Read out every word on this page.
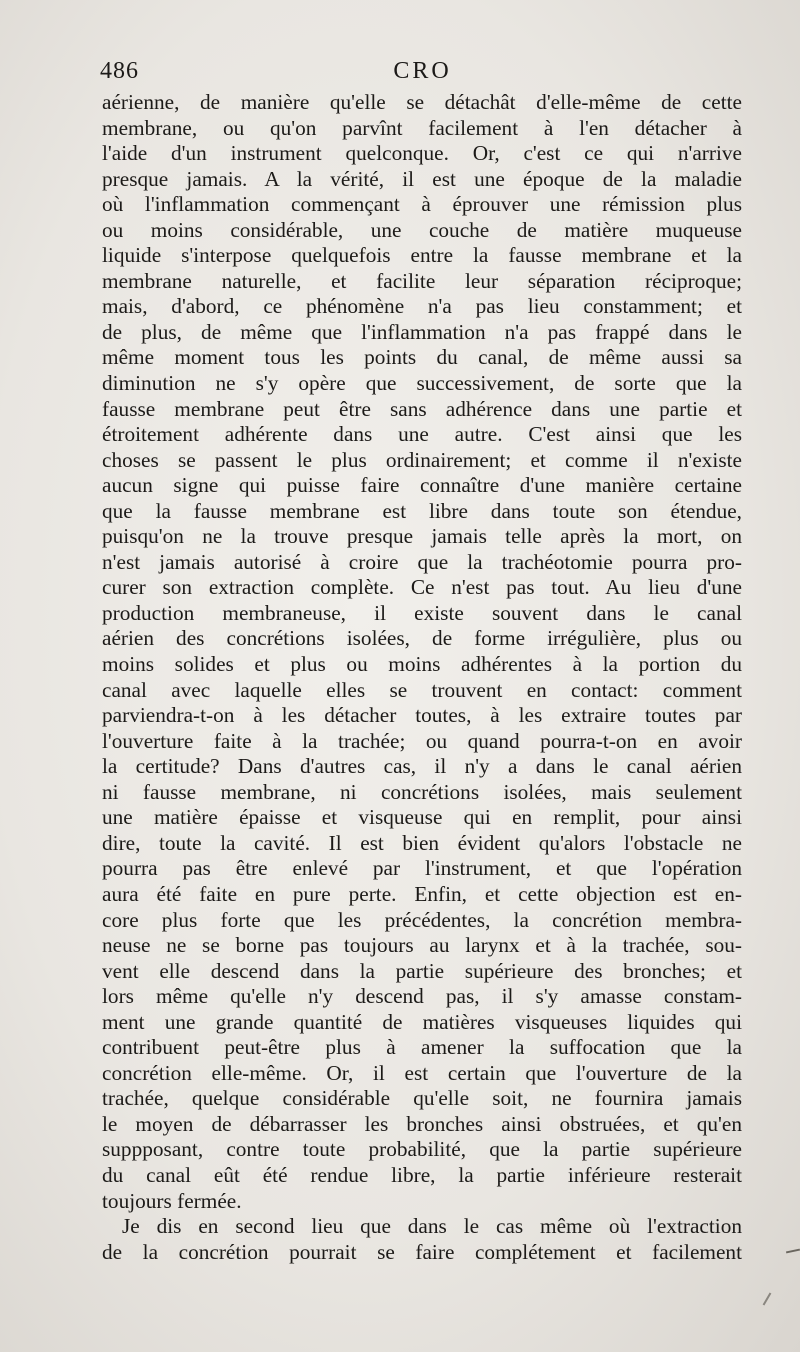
486	CRO
aérienne, de manière qu'elle se détachât d'elle-même de cette
membrane, ou qu'on parvînt facilement à l'en détacher à
l'aide d'un instrument quelconque. Or, c'est ce qui n'arrive
presque jamais. A la vérité, il est une époque de la maladie
où l'inflammation commençant à éprouver une rémission plus
ou moins considérable, une couche de matière muqueuse
liquide s'interpose quelquefois entre la fausse membrane et la
membrane naturelle, et facilite leur séparation réciproque;
mais, d'abord, ce phénomène n'a pas lieu constamment; et
de plus, de même que l'inflammation n'a pas frappé dans le
même moment tous les points du canal, de même aussi sa
diminution ne s'y opère que successivement, de sorte que la
fausse membrane peut être sans adhérence dans une partie et
étroitement adhérente dans une autre. C'est ainsi que les
choses se passent le plus ordinairement; et comme il n'existe
aucun signe qui puisse faire connaître d'une manière certaine
que la fausse membrane est libre dans toute son étendue,
puisqu'on ne la trouve presque jamais telle après la mort, on
n'est jamais autorisé à croire que la trachéotomie pourra pro-
curer son extraction complète. Ce n'est pas tout. Au lieu d'une
production membraneuse, il existe souvent dans le canal
aérien des concrétions isolées, de forme irrégulière, plus ou
moins solides et plus ou moins adhérentes à la portion du
canal avec laquelle elles se trouvent en contact: comment
parviendra-t-on à les détacher toutes, à les extraire toutes par
l'ouverture faite à la trachée; ou quand pourra-t-on en avoir
la certitude? Dans d'autres cas, il n'y a dans le canal aérien
ni fausse membrane, ni concrétions isolées, mais seulement
une matière épaisse et visqueuse qui en remplit, pour ainsi
dire, toute la cavité. Il est bien évident qu'alors l'obstacle ne
pourra pas être enlevé par l'instrument, et que l'opération
aura été faite en pure perte. Enfin, et cette objection est en-
core plus forte que les précédentes, la concrétion membra-
neuse ne se borne pas toujours au larynx et à la trachée, sou-
vent elle descend dans la partie supérieure des bronches; et
lors même qu'elle n'y descend pas, il s'y amasse constam-
ment une grande quantité de matières visqueuses liquides qui
contribuent peut-être plus à amener la suffocation que la
concrétion elle-même. Or, il est certain que l'ouverture de la
trachée, quelque considérable qu'elle soit, ne fournira jamais
le moyen de débarrasser les bronches ainsi obstruées, et qu'en
suppposant, contre toute probabilité, que la partie supérieure
du canal eût été rendue libre, la partie inférieure resterait
toujours fermée.
Je dis en second lieu que dans le cas même où l'extraction
de la concrétion pourrait se faire complétement et facilement
